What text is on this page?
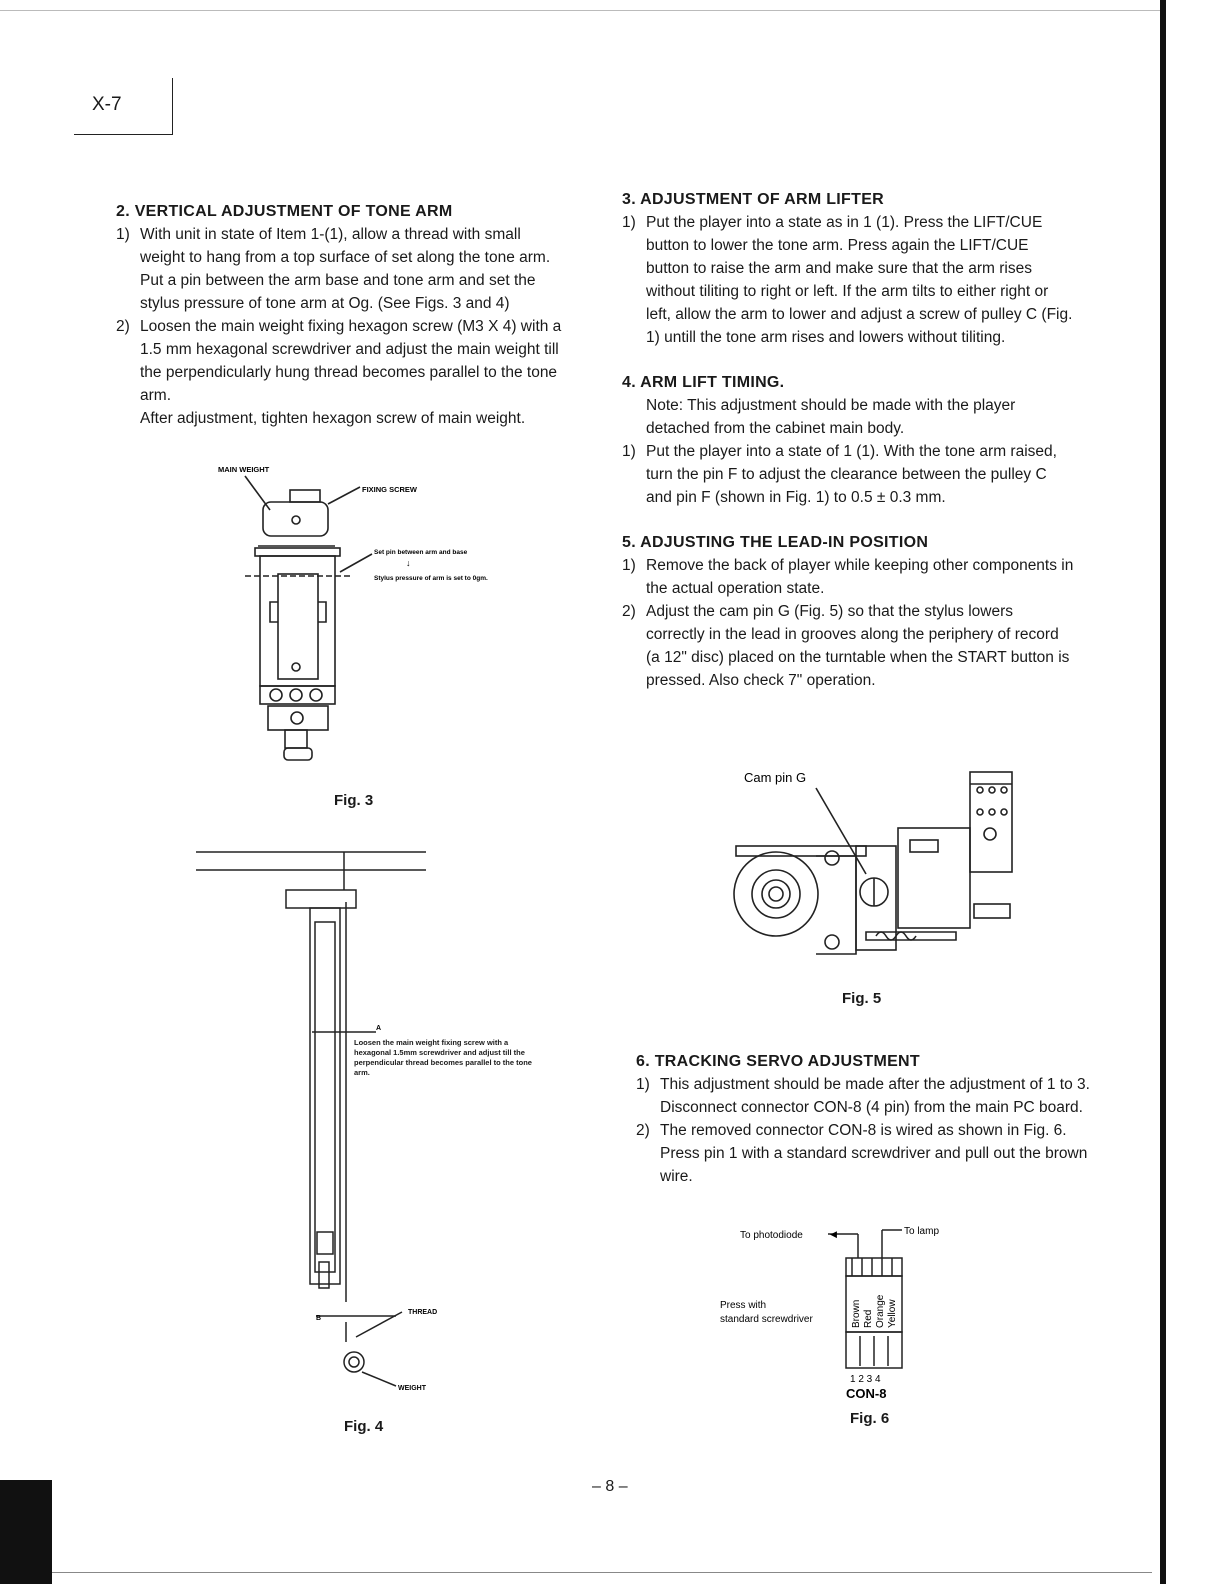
X-7

2. VERTICAL ADJUSTMENT OF TONE ARM

1) With unit in state of Item 1-(1), allow a thread with small weight to hang from a top surface of set along the tone arm. Put a pin between the arm base and tone arm and set the stylus pressure of tone arm at Og. (See Figs. 3 and 4)
2) Loosen the main weight fixing hexagon screw (M3 X 4) with a 1.5 mm hexagonal screwdriver and adjust the main weight till the perpendicularly hung thread becomes parallel to the tone arm.

After adjustment, tighten hexagon screw of main weight.

MAIN WEIGHT
FIXING SCREW
Set pin between arm and base
↓
Stylus pressure of arm is set to 0gm.
Fig. 3
A
B
THREAD
WEIGHT
Loosen the main weight fixing screw with a hexagonal 1.5mm screwdriver and adjust till the perpendicular thread becomes parallel to the tone arm.
Fig. 4

3. ADJUSTMENT OF ARM LIFTER

1) Put the player into a state as in 1 (1). Press the LIFT/CUE button to lower the tone arm. Press again the LIFT/CUE button to raise the arm and make sure that the arm rises without tiliting to right or left. If the arm tilts to either right or left, allow the arm to lower and adjust a screw of pulley C (Fig. 1) untill the tone arm rises and lowers without tiliting.

4. ARM LIFT TIMING.

Note: This adjustment should be made with the player detached from the cabinet main body.

1) Put the player into a state of 1 (1). With the tone arm raised, turn the pin F to adjust the clearance between the pulley C and pin F (shown in Fig. 1) to 0.5 ± 0.3 mm.

5. ADJUSTING THE LEAD-IN POSITION

1) Remove the back of player while keeping other components in the actual operation state.
2) Adjust the cam pin G (Fig. 5) so that the stylus lowers correctly in the lead in grooves along the periphery of record (a 12" disc) placed on the turntable when the START button is pressed. Also check 7" operation.
Cam pin G
Fig. 5

6. TRACKING SERVO ADJUSTMENT

1) This adjustment should be made after the adjustment of 1 to 3. Disconnect connector CON-8 (4 pin) from the main PC board.
2) The removed connector CON-8 is wired as shown in Fig. 6. Press pin 1 with a standard screwdriver and pull out the brown wire.
To photodiode	◀	To lamp
Press with
standard screwdriver	Brown Red Orange Yellow
1 2 3 4
CON-8
Fig. 6
– 8 –
